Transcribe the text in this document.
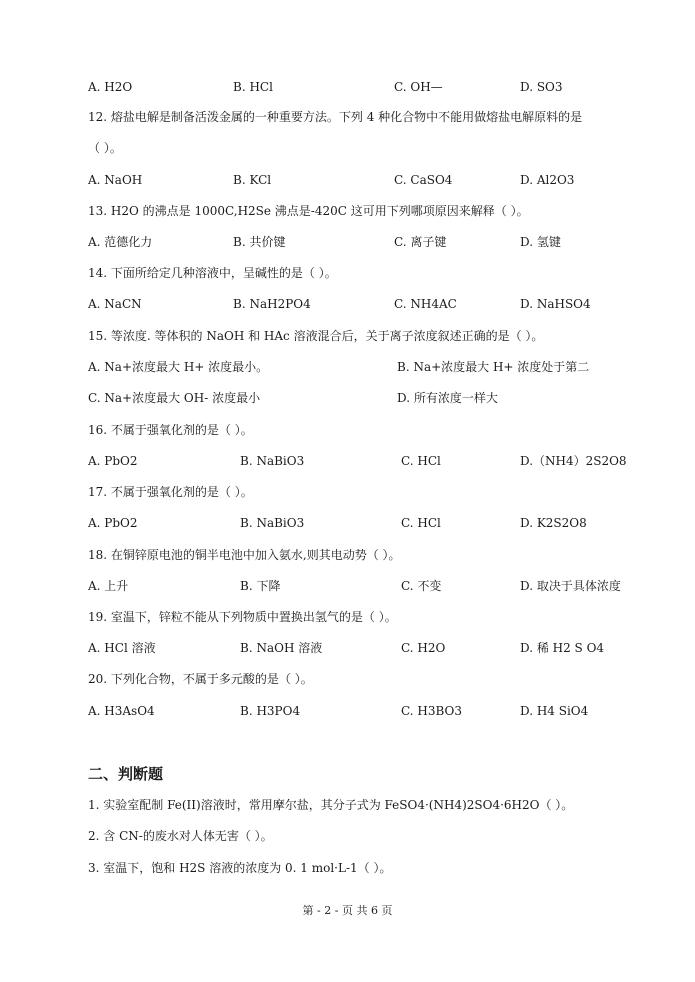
A. H2O	B. HCl	C. OH—	D. SO3
12. 熔盐电解是制备活泼金属的一种重要方法。下列 4 种化合物中不能用做熔盐电解原料的是
（ ）。
A. NaOH	B. KCl	C. CaSO4	D. Al2O3
13. H2O 的沸点是 1000C,H2Se 沸点是-420C 这可用下列哪项原因来解释（ ）。
A. 范德化力	B. 共价键	C. 离子键	D. 氢键
14. 下面所给定几种溶液中，呈碱性的是（ ）。
A. NaCN	B. NaH2PO4	C. NH4AC	D. NaHSO4
15. 等浓度. 等体积的 NaOH 和 HAc 溶液混合后，关于离子浓度叙述正确的是（ ）。
A. Na+浓度最大 H+ 浓度最小。	B. Na+浓度最大 H+ 浓度处于第二
C. Na+浓度最大 OH- 浓度最小	D. 所有浓度一样大
16. 不属于强氧化剂的是（ ）。
A. PbO2	B. NaBiO3	C. HCl	D.（NH4）2S2O8
17. 不属于强氧化剂的是（ ）。
A. PbO2	B. NaBiO3	C. HCl	D. K2S2O8
18. 在铜锌原电池的铜半电池中加入氨水,则其电动势（ ）。
A. 上升	B. 下降	C. 不变	D. 取决于具体浓度
19. 室温下，锌粒不能从下列物质中置换出氢气的是（ ）。
A. HCl 溶液	B. NaOH 溶液	C. H2O	D. 稀 H2 S O4
20. 下列化合物，不属于多元酸的是（ ）。
A. H3AsO4	B. H3PO4	C. H3BO3	D. H4 SiO4
二、判断题
1. 实验室配制 Fe(II)溶液时，常用摩尔盐，其分子式为 FeSO4·(NH4)2SO4·6H2O（ ）。
2. 含 CN-的废水对人体无害（ ）。
3. 室温下，饱和 H2S 溶液的浓度为 0. 1 mol·L-1（ ）。
第 - 2 - 页 共 6 页
